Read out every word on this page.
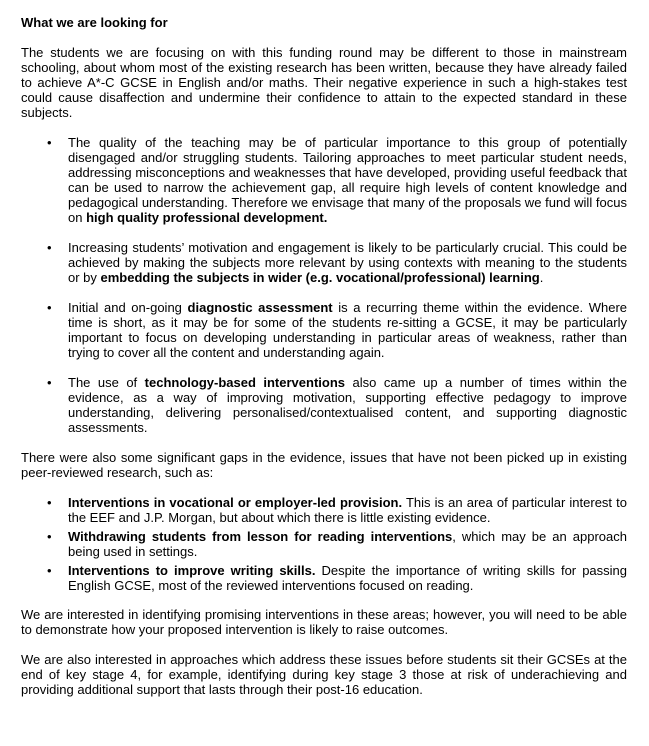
What we are looking for

The students we are focusing on with this funding round may be different to those in mainstream schooling, about whom most of the existing research has been written, because they have already failed to achieve A*-C GCSE in English and/or maths. Their negative experience in such a high-stakes test could cause disaffection and undermine their confidence to attain to the expected standard in these subjects.

• The quality of the teaching may be of particular importance to this group of potentially disengaged and/or struggling students. Tailoring approaches to meet particular student needs, addressing misconceptions and weaknesses that have developed, providing useful feedback that can be used to narrow the achievement gap, all require high levels of content knowledge and pedagogical understanding. Therefore we envisage that many of the proposals we fund will focus on high quality professional development.
• Increasing students’ motivation and engagement is likely to be particularly crucial. This could be achieved by making the subjects more relevant by using contexts with meaning to the students or by embedding the subjects in wider (e.g. vocational/professional) learning.
• Initial and on-going diagnostic assessment is a recurring theme within the evidence. Where time is short, as it may be for some of the students re-sitting a GCSE, it may be particularly important to focus on developing understanding in particular areas of weakness, rather than trying to cover all the content and understanding again.
• The use of technology-based interventions also came up a number of times within the evidence, as a way of improving motivation, supporting effective pedagogy to improve understanding, delivering personalised/contextualised content, and supporting diagnostic assessments.

There were also some significant gaps in the evidence, issues that have not been picked up in existing peer-reviewed research, such as:

• Interventions in vocational or employer-led provision. This is an area of particular interest to the EEF and J.P. Morgan, but about which there is little existing evidence.
• Withdrawing students from lesson for reading interventions, which may be an approach being used in settings.
• Interventions to improve writing skills. Despite the importance of writing skills for passing English GCSE, most of the reviewed interventions focused on reading.

We are interested in identifying promising interventions in these areas; however, you will need to be able to demonstrate how your proposed intervention is likely to raise outcomes.

We are also interested in approaches which address these issues before students sit their GCSEs at the end of key stage 4, for example, identifying during key stage 3 those at risk of underachieving and providing additional support that lasts through their post-16 education.
